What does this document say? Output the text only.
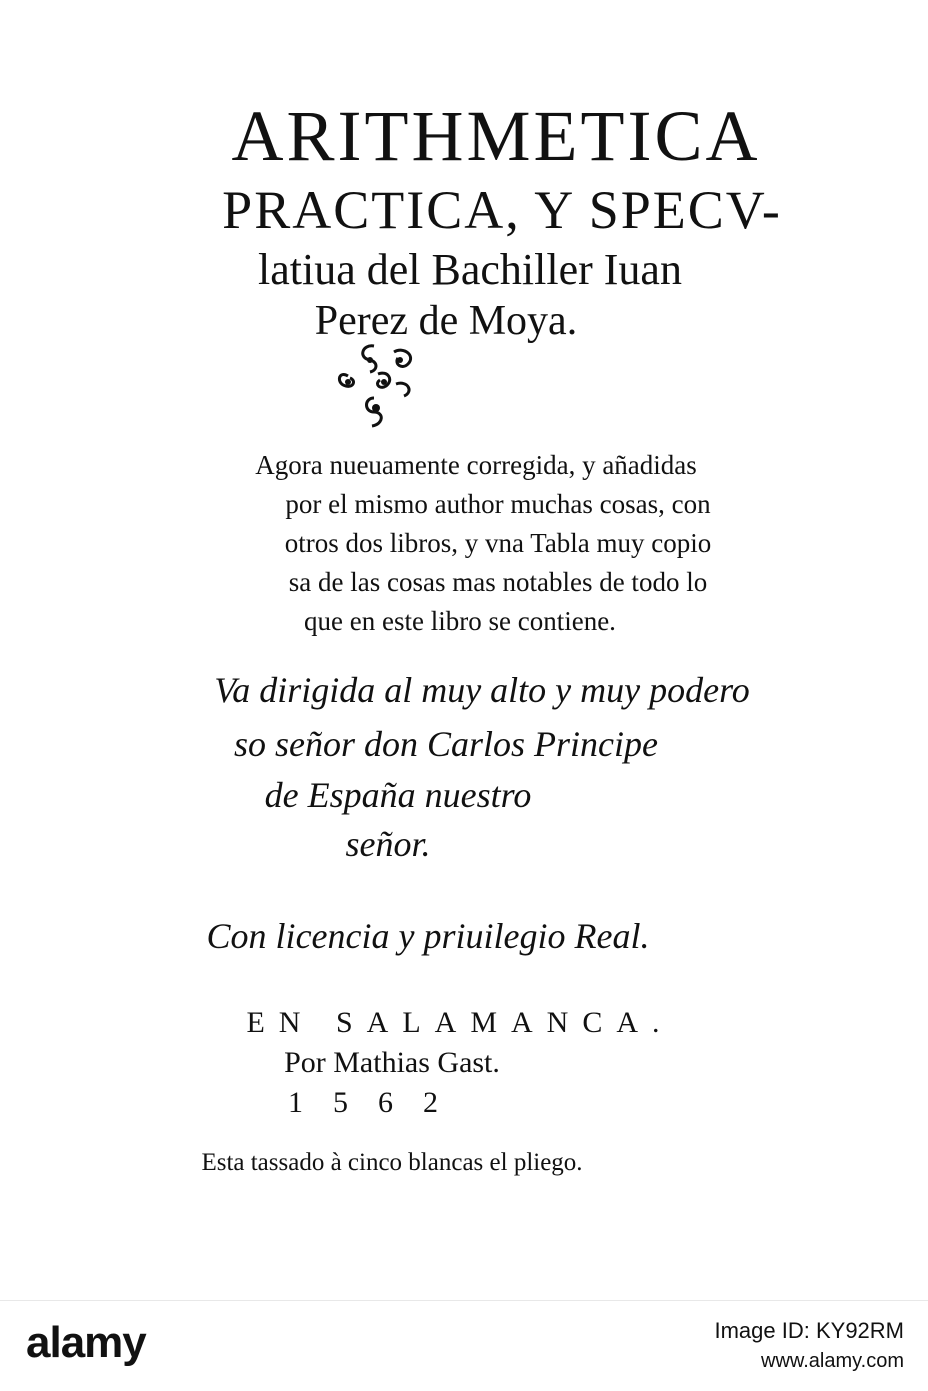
ARITHMETICA
PRACTICA, Y SPECV-
latiua del Bachiller Iuan
Perez de Moya.
Agora nueuamente corregida, y añadidas
por el mismo author muchas cosas, con
otros dos libros, y vna Tabla muy copio
sa de las cosas mas notables de todo lo
que en este libro se contiene.
Va dirigida al muy alto y muy podero
so señor don Carlos Principe
de España nuestro
señor.
Con licencia y priuilegio Real.
EN SALAMANCA.
Por Mathias Gast.
1562
Esta tassado à cinco blancas el pliego.
alamy	Image ID: KY92RM
www.alamy.com
